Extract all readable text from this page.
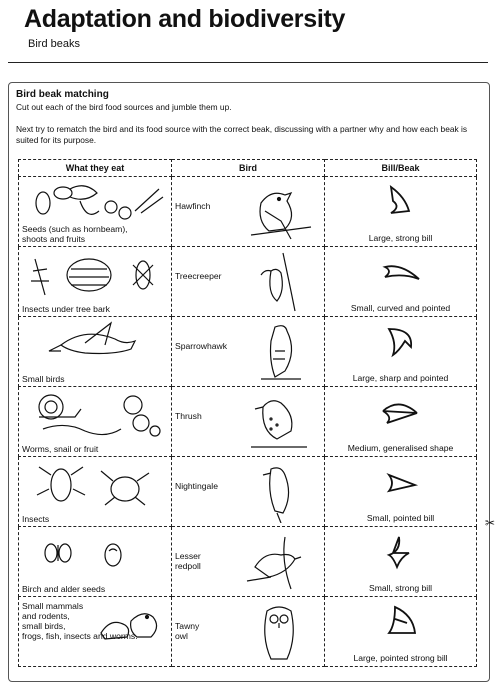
Adaptation and biodiversity
Bird beaks
Bird beak matching
Cut out each of the bird food sources and jumble them up.
Next try to rematch the bird and its food source with the correct beak, discussing with a partner why and how each beak is suited for its purpose.
What they eat	Bird	Bill/Beak

Seeds (such as hornbeam),
shoots and fruits	Hawfinch	Large, strong bill

Insects under tree bark	Treecreeper	Small, curved and pointed

Small birds	Sparrowhawk	Large, sharp and pointed

Worms, snail or fruit	Thrush	Medium, generalised shape

Insects	Nightingale	Small, pointed bill

Birch and alder seeds	Lesser
redpoll	Small, strong bill

Small mammals
and rodents,
small birds,
frogs, fish, insects and worms.	Tawny
owl	Large, pointed strong bill
✂
